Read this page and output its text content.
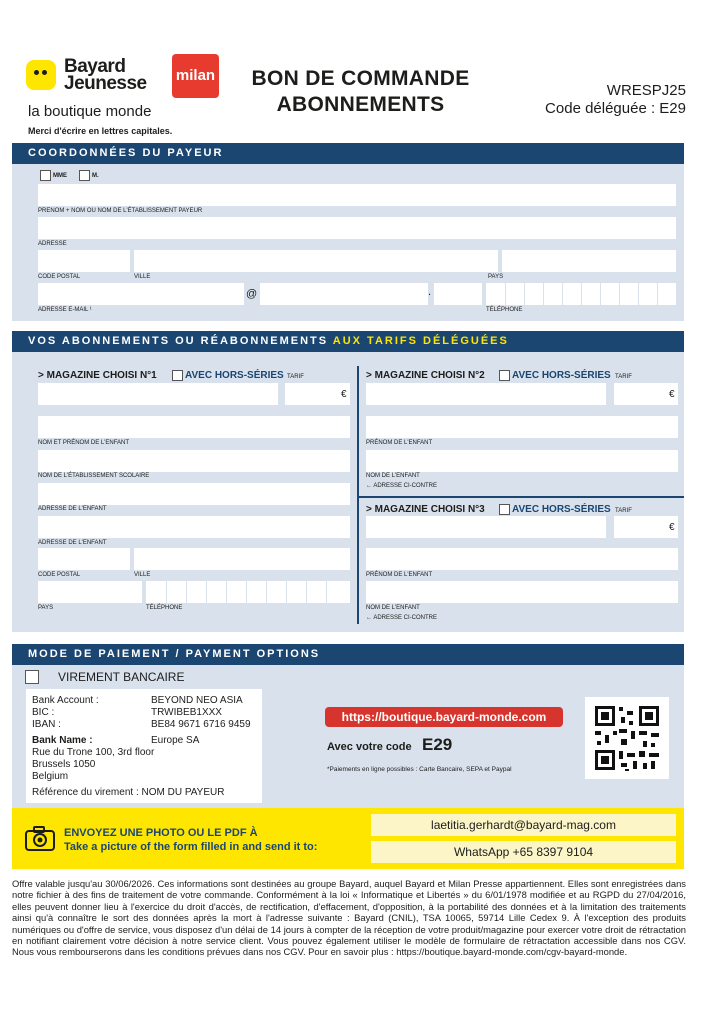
Bayard
Jeunesse milan
la boutique monde
Merci d'écrire en lettres capitales.
BON DE COMMANDE
ABONNEMENTS
WRESPJ25
Code déléguée : E29
COORDONNÉES DU PAYEUR
MME	M.
PRENOM + NOM OU NOM DE L'ÉTABLISSEMENT PAYEUR
ADRESSE
CODE POSTAL	VILLE	PAYS
@	.
ADRESSE E-MAIL ¹	TÉLÉPHONE
VOS ABONNEMENTS OU RÉABONNEMENTS AUX TARIFS DÉLÉGUÉES
> MAGAZINE CHOISI N°1	AVEC HORS-SÉRIES TARIF
€
NOM ET PRÉNOM DE L'ENFANT
NOM DE L'ÉTABLISSEMENT SCOLAIRE
ADRESSE DE L'ENFANT
ADRESSE DE L'ENFANT
CODE POSTAL	VILLE
PAYS	TÉLÉPHONE
> MAGAZINE CHOISI N°2	AVEC HORS-SÉRIES TARIF
€
PRÉNOM DE L'ENFANT
NOM DE L'ENFANT
← ADRESSE CI-CONTRE
> MAGAZINE CHOISI N°3	AVEC HORS-SÉRIES TARIF
€
PRÉNOM DE L'ENFANT
NOM DE L'ENFANT
← ADRESSE CI-CONTRE
MODE DE PAIEMENT / PAYMENT OPTIONS
VIREMENT BANCAIRE
Bank Account :	BEYOND NEO ASIA
BIC :	TRWIBEB1XXX
IBAN :	BE84 9671 6716 9459
Bank Name :	Europe SA
Rue du Trone 100, 3rd floor
Brussels 1050
Belgium
Référence du virement : NOM DU PAYEUR
https://boutique.bayard-monde.com
Avec votre code E29
*Paiements en ligne possibles : Carte Bancaire, SEPA et Paypal
ENVOYEZ UNE PHOTO OU LE PDF À
Take a picture of the form filled in and send it to:
laetitia.gerhardt@bayard-mag.com
WhatsApp +65 8397 9104
Offre valable jusqu'au 30/06/2026. Ces informations sont destinées au groupe Bayard, auquel Bayard et Milan Presse appartiennent. Elles sont enregistrées dans notre fichier à des fins de traitement de votre commande. Conformément à la loi « Informatique et Libertés » du 6/01/1978 modifiée et au RGPD du 27/04/2016, elles peuvent donner lieu à l'exercice du droit d'accès, de rectification, d'effacement, d'opposition, à la portabilité des données et à la limitation des traitements ainsi qu'à connaître le sort des données après la mort à l'adresse suivante : Bayard (CNIL), TSA 10065, 59714 Lille Cedex 9. À l'exception des produits numériques ou d'offre de service, vous disposez d'un délai de 14 jours à compter de la réception de votre produit/magazine pour exercer votre droit de rétractation en notifiant clairement votre décision à notre service client. Vous pouvez également utiliser le modèle de formulaire de rétractation accessible dans nos CGV. Nous vous rembourserons dans les conditions prévues dans nos CGV. Pour en savoir plus : https://boutique.bayard-monde.com/cgv-bayard-monde.
